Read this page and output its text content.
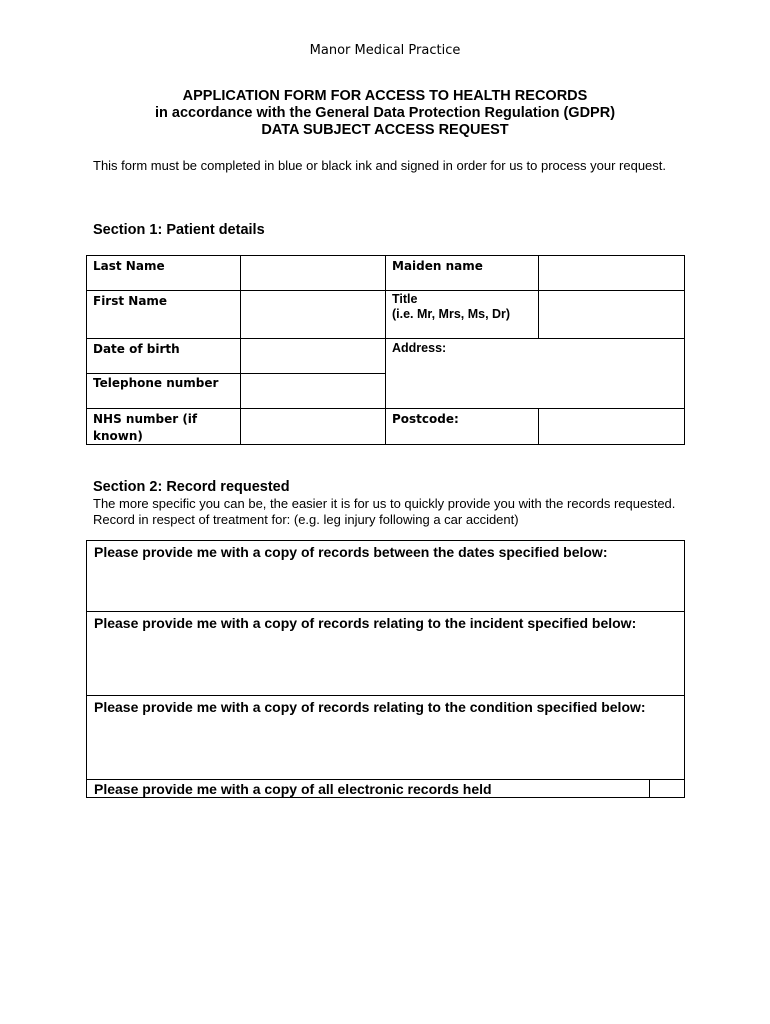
Manor Medical Practice
APPLICATION FORM FOR ACCESS TO HEALTH RECORDS
in accordance with the General Data Protection Regulation (GDPR)
DATA SUBJECT ACCESS REQUEST
This form must be completed in blue or black ink and signed in order for us to process your request.
Section 1: Patient details
Last Name	Maiden name
First Name	Title
(i.e. Mr, Mrs, Ms, Dr)
Date of birth
Telephone number
Address:
NHS number (if known)
Postcode:
Section 2: Record requested
The more specific you can be, the easier it is for us to quickly provide you with the records requested. Record in respect of treatment for: (e.g. leg injury following a car accident)
Please provide me with a copy of records between the dates specified below:
Please provide me with a copy of records relating to the incident specified below:
Please provide me with a copy of records relating to the condition specified below:
Please provide me with a copy of all electronic records held
